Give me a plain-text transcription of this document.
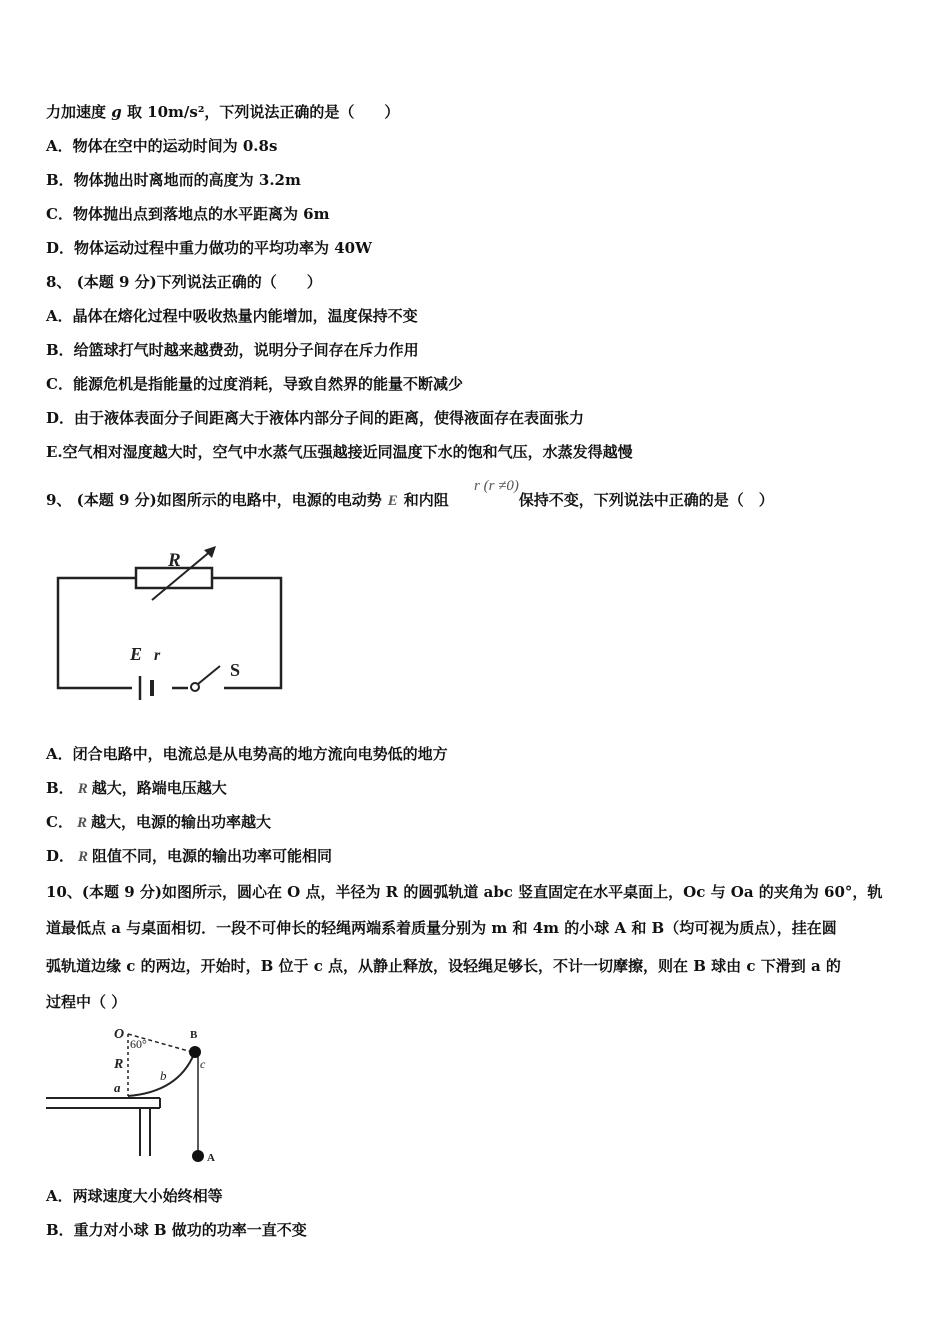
力加速度 g 取 10m/s²，下列说法正确的是（　　）
A．物体在空中的运动时间为 0.8s
B．物体抛出时离地而的高度为 3.2m
C．物体抛出点到落地点的水平距离为 6m
D．物体运动过程中重力做功的平均功率为 40W
8、 (本题 9 分)下列说法正确的（　　）
A．晶体在熔化过程中吸收热量内能增加，温度保持不变
B．给篮球打气时越来越费劲，说明分子间存在斥力作用
C．能源危机是指能量的过度消耗，导致自然界的能量不断减少
D．由于液体表面分子间距离大于液体内部分子间的距离，使得液面存在表面张力
E.空气相对湿度越大时，空气中水蒸气压强越接近同温度下水的饱和气压，水蒸发得越慢
9、 (本题 9 分)如图所示的电路中，电源的电动势 E 和内阻	保持不变，下列说法中正确的是（　）
r (r ≠0)
R
E r
S
A．闭合电路中，电流总是从电势高的地方流向电势低的地方
B． R 越大，路端电压越大
C． R 越大，电源的输出功率越大
D． R 阻值不同，电源的输出功率可能相同
10、(本题 9 分)如图所示，圆心在 O 点，半径为 R 的圆弧轨道 abc 竖直固定在水平桌面上，Oc 与 Oa 的夹角为 60°，轨
道最低点 a 与桌面相切．一段不可伸长的轻绳两端系着质量分别为 m 和 4m 的小球 A 和 B（均可视为质点），挂在圆
弧轨道边缘 c 的两边，开始时，B 位于 c 点，从静止释放，设轻绳足够长，不计一切摩擦，则在 B 球由 c 下滑到 a 的
过程中（ ）
O
60°
R
a
b
c
B
A
A．两球速度大小始终相等
B．重力对小球 B 做功的功率一直不变
